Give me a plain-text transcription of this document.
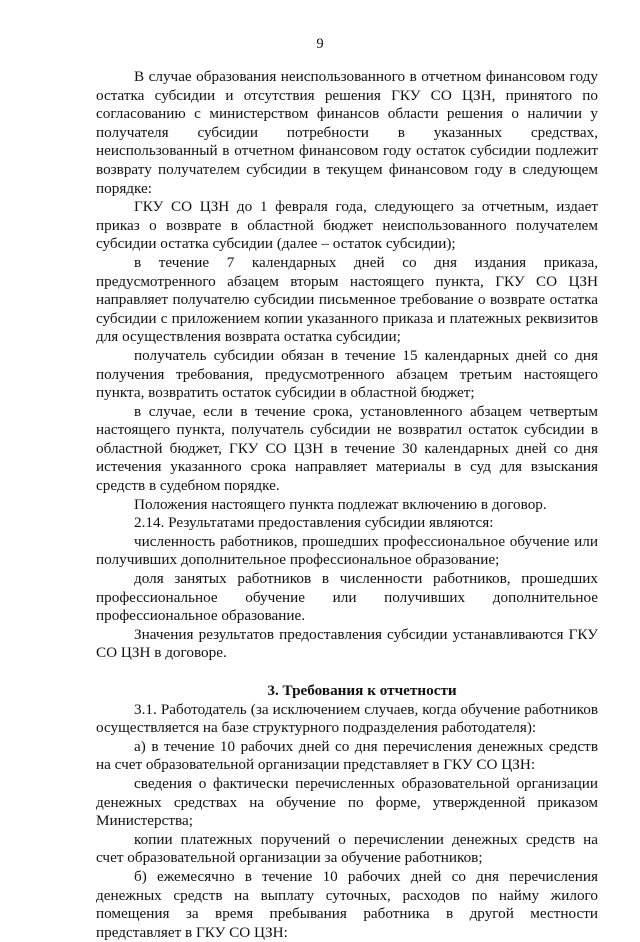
9

В случае образования неиспользованного в отчетном финансовом году остатка субсидии и отсутствия решения ГКУ СО ЦЗН, принятого по согласованию с министерством финансов области решения о наличии у получателя субсидии потребности в указанных средствах, неиспользованный в отчетном финансовом году остаток субсидии подлежит возврату получателем субсидии в текущем финансовом году в следующем порядке:

ГКУ СО ЦЗН до 1 февраля года, следующего за отчетным, издает приказ о возврате в областной бюджет неиспользованного получателем субсидии остатка субсидии (далее – остаток субсидии);

в течение 7 календарных дней со дня издания приказа, предусмотренного абзацем вторым настоящего пункта, ГКУ СО ЦЗН направляет получателю субсидии письменное требование о возврате остатка субсидии с приложением копии указанного приказа и платежных реквизитов для осуществления возврата остатка субсидии;

получатель субсидии обязан в течение 15 календарных дней со дня получения требования, предусмотренного абзацем третьим настоящего пункта, возвратить остаток субсидии в областной бюджет;

в случае, если в течение срока, установленного абзацем четвертым настоящего пункта, получатель субсидии не возвратил остаток субсидии в областной бюджет, ГКУ СО ЦЗН в течение 30 календарных дней со дня истечения указанного срока направляет материалы в суд для взыскания средств в судебном порядке.

Положения настоящего пункта подлежат включению в договор.

2.14. Результатами предоставления субсидии являются:

численность работников, прошедших профессиональное обучение или получивших дополнительное профессиональное образование;

доля занятых работников в численности работников, прошедших профессиональное обучение или получивших дополнительное профессиональное образование.

Значения результатов предоставления субсидии устанавливаются ГКУ СО ЦЗН в договоре.

3. Требования к отчетности

3.1. Работодатель (за исключением случаев, когда обучение работников осуществляется на базе структурного подразделения работодателя):

а) в течение 10 рабочих дней со дня перечисления денежных средств на счет образовательной организации представляет в ГКУ СО ЦЗН:

сведения о фактически перечисленных образовательной организации денежных средствах на обучение по форме, утвержденной приказом Министерства;

копии платежных поручений о перечислении денежных средств на счет образовательной организации за обучение работников;

б) ежемесячно в течение 10 рабочих дней со дня перечисления денежных средств на выплату суточных, расходов по найму жилого помещения за время пребывания работника в другой местности представляет в ГКУ СО ЦЗН:
